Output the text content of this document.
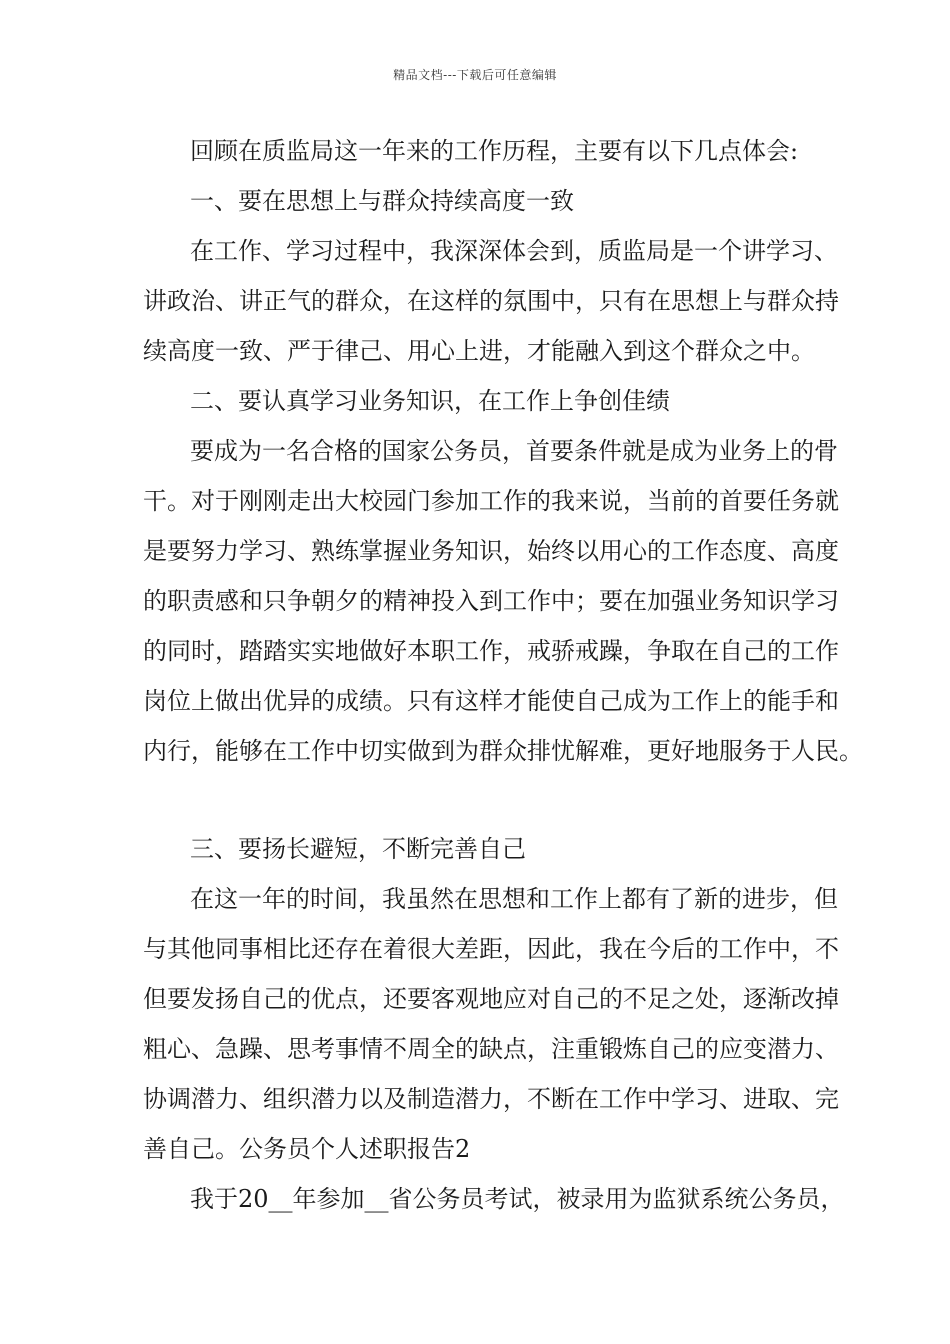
精品文档---下载后可任意编辑
回顾在质监局这一年来的工作历程，主要有以下几点体会:
一、要在思想上与群众持续高度一致
在工作、学习过程中，我深深体会到，质监局是一个讲学习、
讲政治、讲正气的群众，在这样的氛围中，只有在思想上与群众持
续高度一致、严于律己、用心上进，才能融入到这个群众之中。
二、要认真学习业务知识，在工作上争创佳绩
要成为一名合格的国家公务员，首要条件就是成为业务上的骨
干。对于刚刚走出大校园门参加工作的我来说，当前的首要任务就
是要努力学习、熟练掌握业务知识，始终以用心的工作态度、高度
的职责感和只争朝夕的精神投入到工作中；要在加强业务知识学习
的同时，踏踏实实地做好本职工作，戒骄戒躁，争取在自己的工作
岗位上做出优异的成绩。只有这样才能使自己成为工作上的能手和
内行，能够在工作中切实做到为群众排忧解难，更好地服务于人民。
三、要扬长避短，不断完善自己
在这一年的时间，我虽然在思想和工作上都有了新的进步，但
与其他同事相比还存在着很大差距，因此，我在今后的工作中，不
但要发扬自己的优点，还要客观地应对自己的不足之处，逐渐改掉
粗心、急躁、思考事情不周全的缺点，注重锻炼自己的应变潜力、
协调潜力、组织潜力以及制造潜力，不断在工作中学习、进取、完
善自己。公务员个人述职报告2
我于20__年参加__省公务员考试，被录用为监狱系统公务员，
